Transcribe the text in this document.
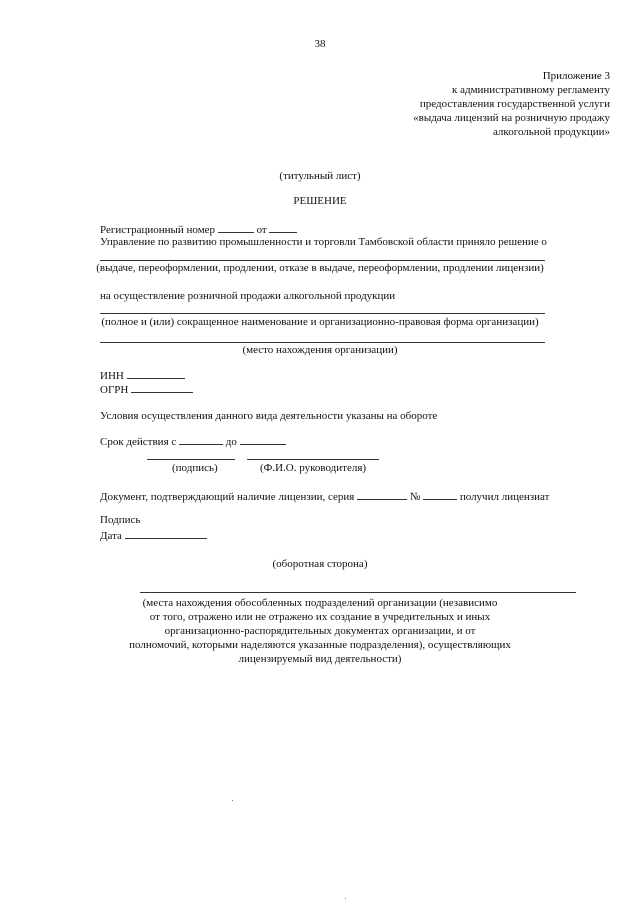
38
Приложение 3
к административному регламенту
предоставления государственной услуги
«выдача лицензий на розничную продажу
алкогольной продукции»
(титульный лист)
РЕШЕНИЕ
Регистрационный номер	от
Управление по развитию промышленности и торговли Тамбовской области приняло решение о
(выдаче, переоформлении, продлении, отказе в выдаче, переоформлении, продлении лицензии)
на осуществление розничной продажи алкогольной продукции
(полное и (или) сокращенное наименование и организационно-правовая форма организации)
(место нахождения организации)
ИНН
ОГРН
Условия осуществления данного вида деятельности указаны на обороте
Срок действия с	до
(подпись)	(Ф.И.О. руководителя)
Документ, подтверждающий наличие лицензии, серия	№	получил лицензиат
Подпись
Дата
(оборотная сторона)
(места нахождения обособленных подразделений организации (независимо
от того, отражено или не отражено их создание в учредительных и иных
организационно-распорядительных документах организации, и от
полномочий, которыми наделяются указанные подразделения), осуществляющих
лицензируемый вид деятельности)
